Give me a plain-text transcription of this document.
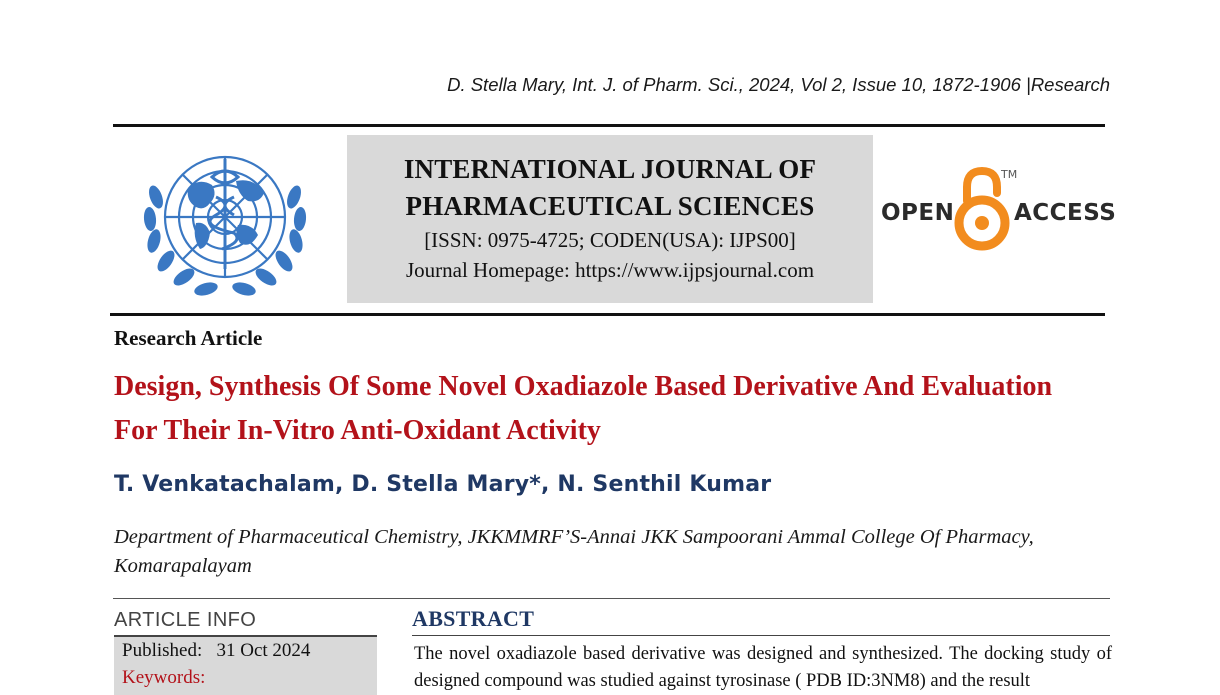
D. Stella Mary, Int. J. of Pharm. Sci., 2024, Vol 2, Issue 10, 1872-1906 |Research
INTERNATIONAL JOURNAL OF
PHARMACEUTICAL SCIENCES
[ISSN: 0975-4725; CODEN(USA): IJPS00]
Journal Homepage: https://www.ijpsjournal.com
OPEN	ACCESS
TM
Research Article
Design, Synthesis Of Some Novel Oxadiazole Based Derivative And Evaluation For Their In-Vitro Anti-Oxidant Activity
T. Venkatachalam, D. Stella Mary*, N. Senthil Kumar
Department of Pharmaceutical Chemistry, JKKMMRF’S-Annai JKK Sampoorani Ammal College Of Pharmacy, Komarapalayam
ARTICLE INFO
Published: 31 Oct 2024
Keywords:
ABSTRACT
The novel oxadiazole based derivative was designed and synthesized. The docking study of designed compound was studied against tyrosinase ( PDB ID:3NM8) and the result
